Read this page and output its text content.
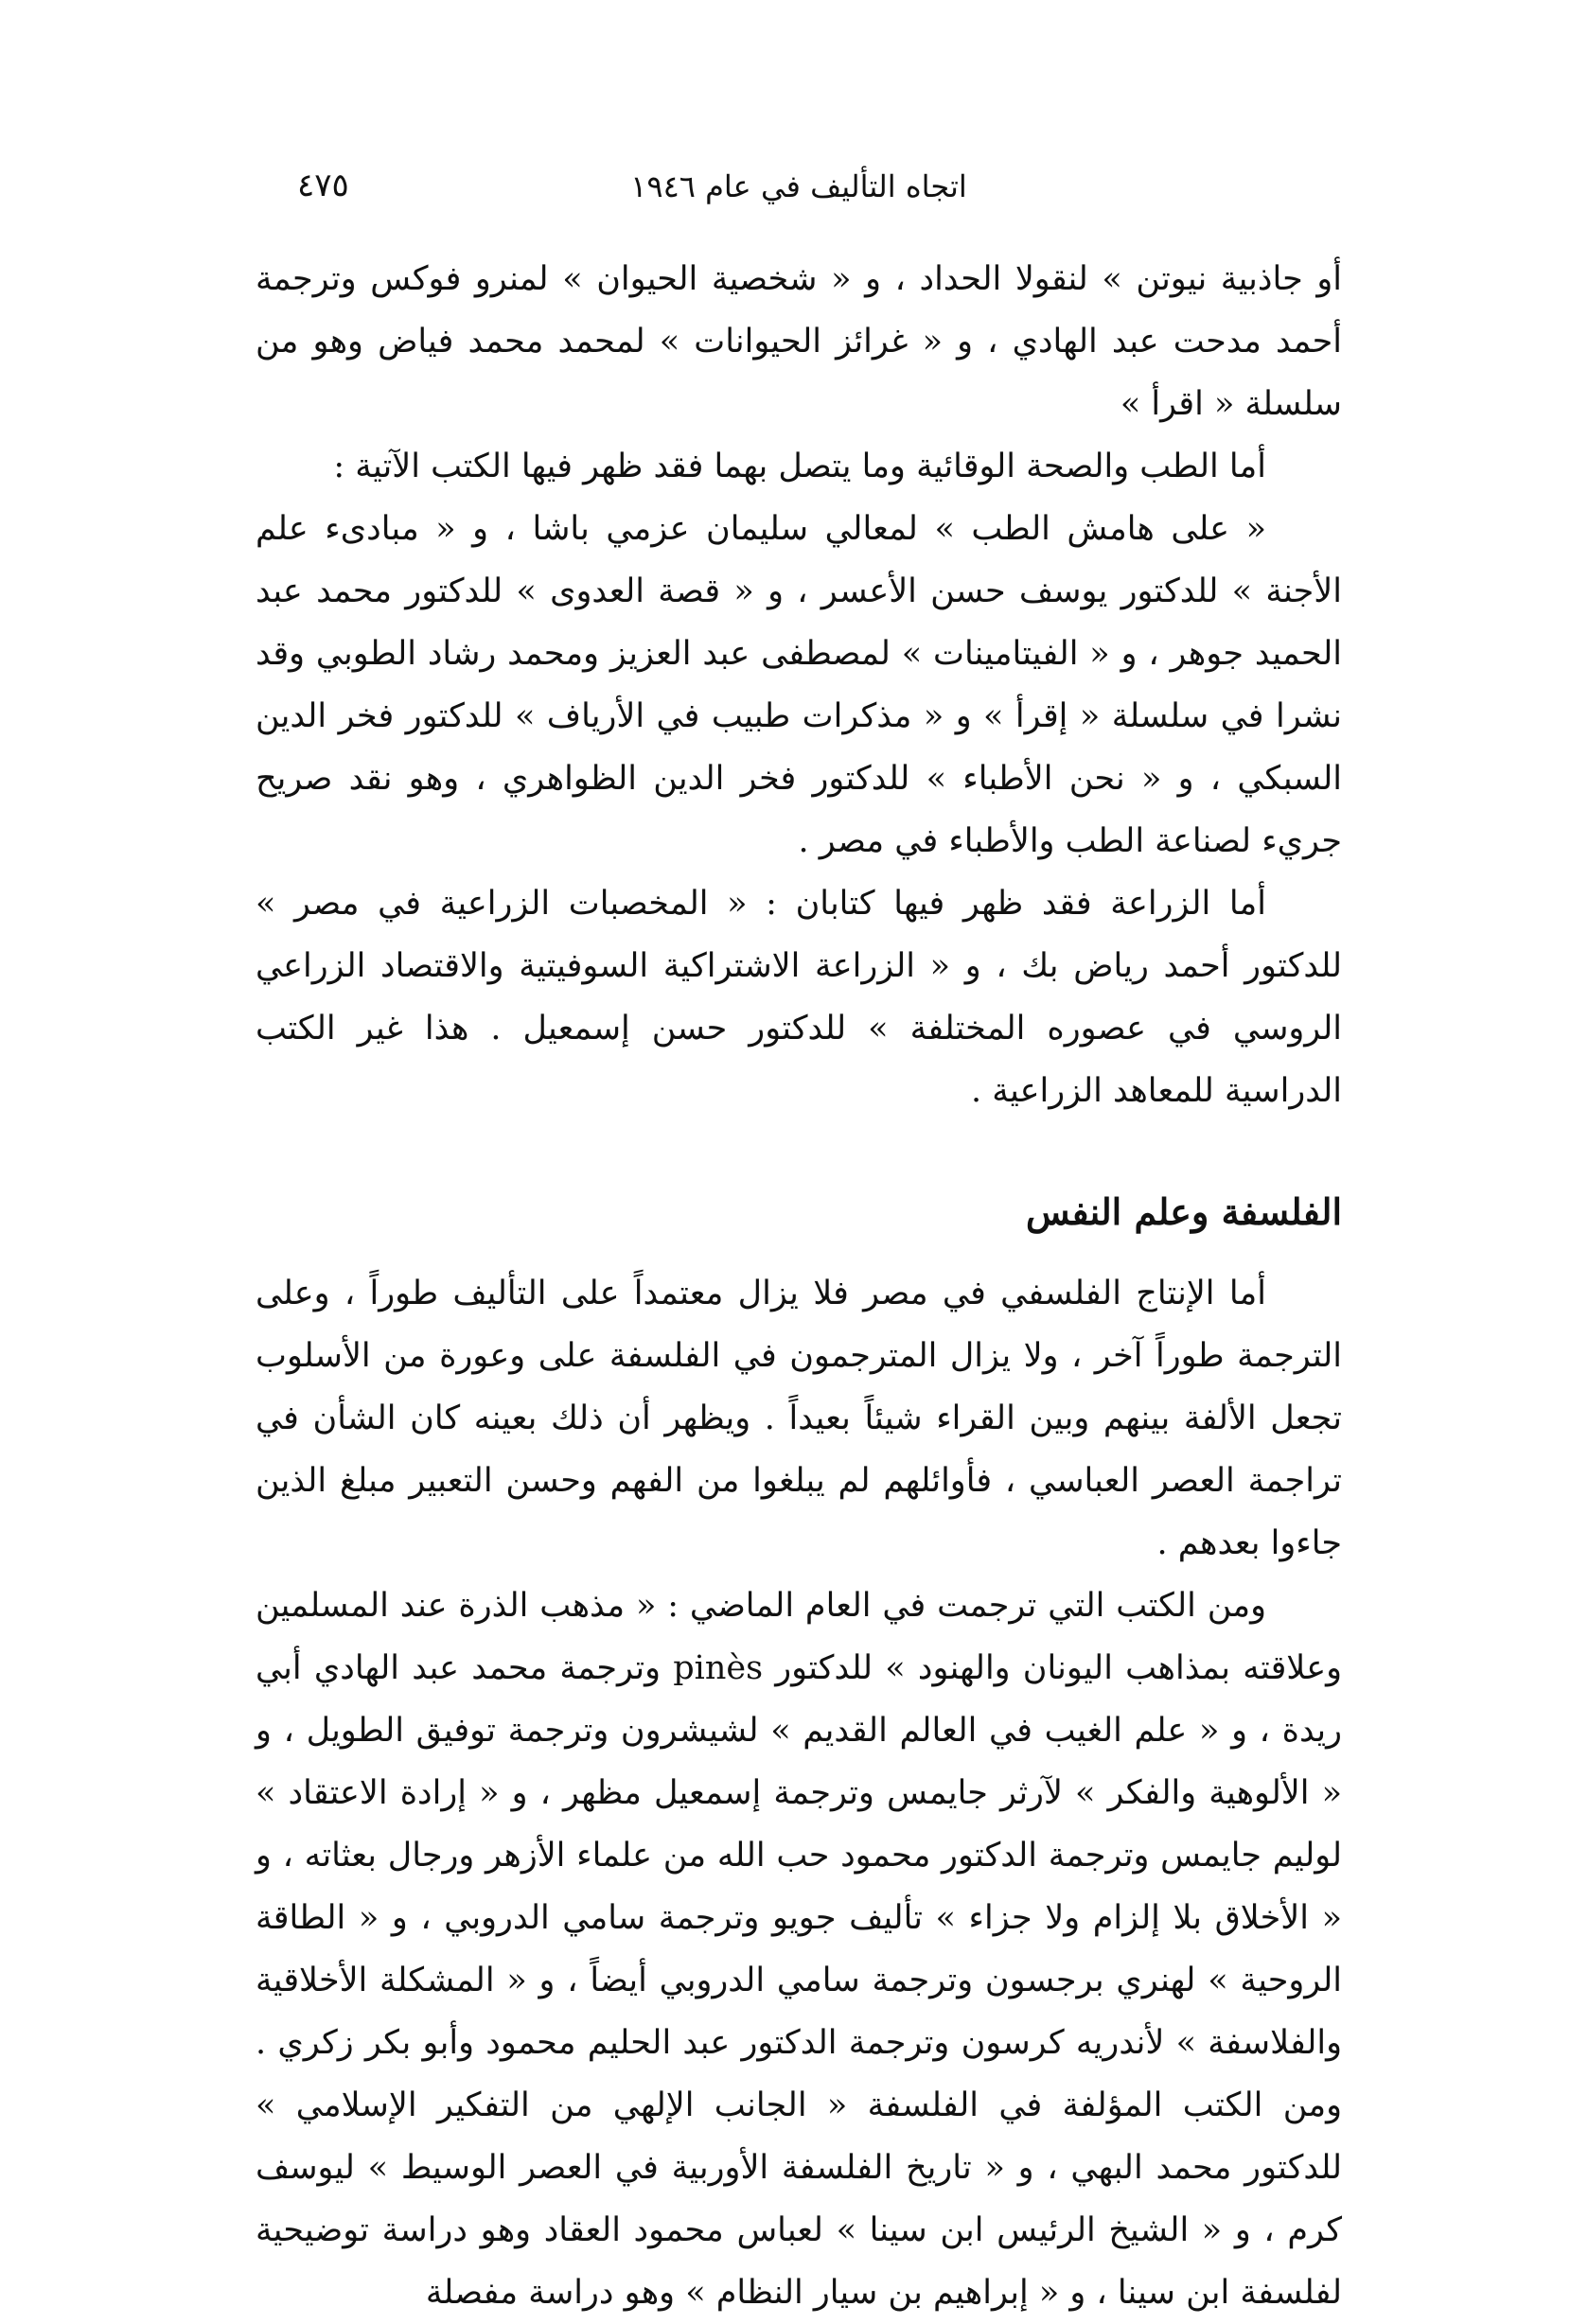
٤٧٥	اتجاه التأليف في عام ١٩٤٦

أو جاذبية نيوتن » لنقولا الحداد ، و « شخصية الحيوان » لمنرو فوكس وترجمة أحمد مدحت عبد الهادي ، و « غرائز الحيوانات » لمحمد محمد فياض وهو من سلسلة « اقرأ »

أما الطب والصحة الوقائية وما يتصل بهما فقد ظهر فيها الكتب الآتية :

« على هامش الطب » لمعالي سليمان عزمي باشا ، و « مبادىء علم الأجنة » للدكتور يوسف حسن الأعسر ، و « قصة العدوى » للدكتور محمد عبد الحميد جوهر ، و « الفيتامينات » لمصطفى عبد العزيز ومحمد رشاد الطوبي وقد نشرا في سلسلة « إقرأ » و « مذكرات طبيب في الأرياف » للدكتور فخر الدين السبكي ، و « نحن الأطباء » للدكتور فخر الدين الظواهري ، وهو نقد صريح جريء لصناعة الطب والأطباء في مصر .

أما الزراعة فقد ظهر فيها كتابان : « المخصبات الزراعية في مصر » للدكتور أحمد رياض بك ، و « الزراعة الاشتراكية السوفيتية والاقتصاد الزراعي الروسي في عصوره المختلفة » للدكتور حسن إسمعيل . هذا غير الكتب الدراسية للمعاهد الزراعية .

الفلسفة وعلم النفس

أما الإنتاج الفلسفي في مصر فلا يزال معتمداً على التأليف طوراً ، وعلى الترجمة طوراً آخر ، ولا يزال المترجمون في الفلسفة على وعورة من الأسلوب تجعل الألفة بينهم وبين القراء شيئاً بعيداً . ويظهر أن ذلك بعينه كان الشأن في تراجمة العصر العباسي ، فأوائلهم لم يبلغوا من الفهم وحسن التعبير مبلغ الذين جاءوا بعدهم .

ومن الكتب التي ترجمت في العام الماضي : « مذهب الذرة عند المسلمين وعلاقته بمذاهب اليونان والهنود » للدكتور pinès وترجمة محمد عبد الهادي أبي ريدة ، و « علم الغيب في العالم القديم » لشيشرون وترجمة توفيق الطويل ، و « الألوهية والفكر » لآرثر جايمس وترجمة إسمعيل مظهر ، و « إرادة الاعتقاد » لوليم جايمس وترجمة الدكتور محمود حب الله من علماء الأزهر ورجال بعثاته ، و « الأخلاق بلا إلزام ولا جزاء » تأليف جويو وترجمة سامي الدروبي ، و « الطاقة الروحية » لهنري برجسون وترجمة سامي الدروبي أيضاً ، و « المشكلة الأخلاقية والفلاسفة » لأندريه كرسون وترجمة الدكتور عبد الحليم محمود وأبو بكر زكري . ومن الكتب المؤلفة في الفلسفة « الجانب الإلهي من التفكير الإسلامي » للدكتور محمد البهي ، و « تاريخ الفلسفة الأوربية في العصر الوسيط » ليوسف كرم ، و « الشيخ الرئيس ابن سينا » لعباس محمود العقاد وهو دراسة توضيحية لفلسفة ابن سينا ، و « إبراهيم بن سيار النظام » وهو دراسة مفصلة
